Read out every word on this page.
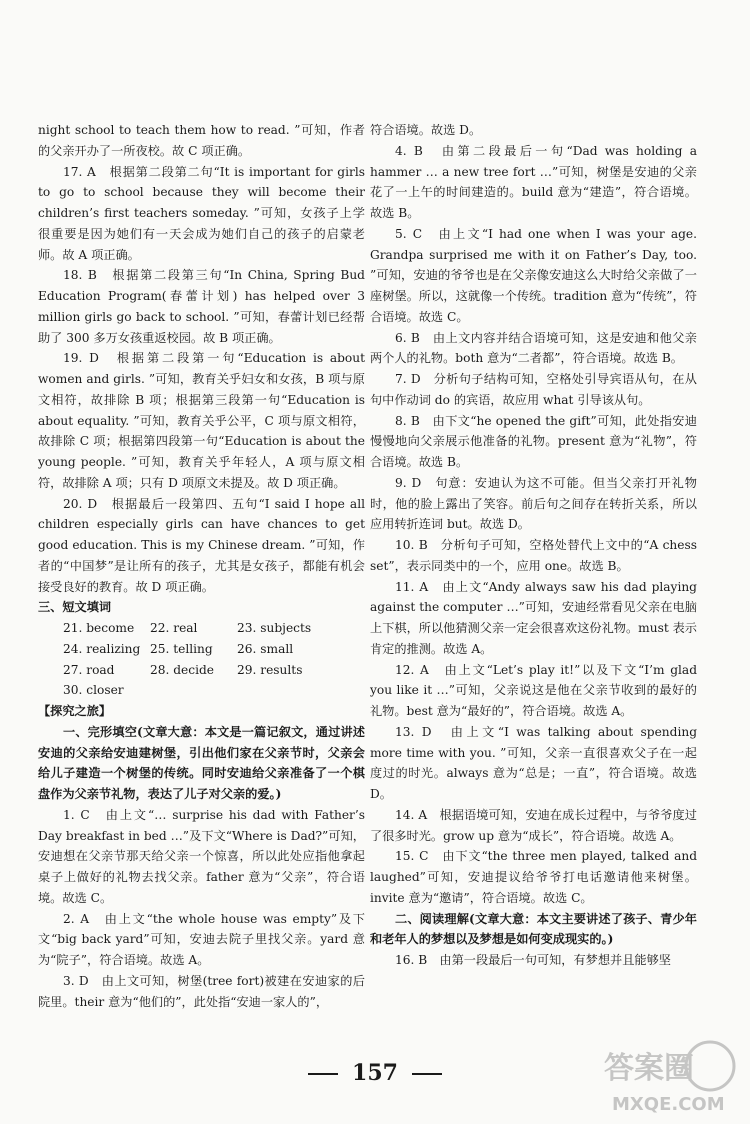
night school to teach them how to read. ”可知，作者的父亲开办了一所夜校。故 C 项正确。

17. A　根据第二段第二句“It is important for girls to go to school because they will become their children’s first teachers someday. ”可知，女孩子上学很重要是因为她们有一天会成为她们自己的孩子的启蒙老师。故 A 项正确。

18. B　根据第二段第三句“In China, Spring Bud Education Program(春蕾计划) has helped over 3 million girls go back to school. ”可知，春蕾计划已经帮助了 300 多万女孩重返校园。故 B 项正确。

19. D　根据第二段第一句“Education is about women and girls. ”可知，教育关乎妇女和女孩，B 项与原文相符，故排除 B 项；根据第三段第一句“Education is about equality. ”可知，教育关乎公平，C 项与原文相符，故排除 C 项；根据第四段第一句“Education is about the young people. ”可知，教育关乎年轻人，A 项与原文相符，故排除 A 项；只有 D 项原文未提及。故 D 项正确。

20. D　根据最后一段第四、五句“I said I hope all children especially girls can have chances to get good education. This is my Chinese dream. ”可知，作者的“中国梦”是让所有的孩子，尤其是女孩子，都能有机会接受良好的教育。故 D 项正确。

三、短文填词

21. become	22. real	23. subjects
24. realizing 25. telling	26. small
27. road	28. decide	29. results
30. closer

【探究之旅】

一、完形填空(文章大意：本文是一篇记叙文，通过讲述安迪的父亲给安迪建树堡，引出他们家在父亲节时，父亲会给儿子建造一个树堡的传统。同时安迪给父亲准备了一个棋盘作为父亲节礼物，表达了儿子对父亲的爱。)

1. C　由上文“… surprise his dad with Father’s Day breakfast in bed …”及下文“Where is Dad?”可知，安迪想在父亲节那天给父亲一个惊喜，所以此处应指他拿起桌子上做好的礼物去找父亲。father 意为“父亲”，符合语境。故选 C。

2. A　由上文“the whole house was empty”及下文“big back yard”可知，安迪去院子里找父亲。yard 意为“院子”，符合语境。故选 A。

3. D　由上文可知，树堡(tree fort)被建在安迪家的后院里。their 意为“他们的”，此处指“安迪一家人的”，

符合语境。故选 D。

4. B　由第二段最后一句“Dad was holding a hammer … a new tree fort …”可知，树堡是安迪的父亲花了一上午的时间建造的。build 意为“建造”，符合语境。故选 B。

5. C　由上文“I had one when I was your age. Grandpa surprised me with it on Father’s Day, too. ”可知，安迪的爷爷也是在父亲像安迪这么大时给父亲做了一座树堡。所以，这就像一个传统。tradition 意为“传统”，符合语境。故选 C。

6. B　由上文内容并结合语境可知，这是安迪和他父亲两个人的礼物。both 意为“二者都”，符合语境。故选 B。

7. D　分析句子结构可知，空格处引导宾语从句，在从句中作动词 do 的宾语，故应用 what 引导该从句。

8. B　由下文“he opened the gift”可知，此处指安迪慢慢地向父亲展示他准备的礼物。present 意为“礼物”，符合语境。故选 B。

9. D　句意：安迪认为这不可能。但当父亲打开礼物时，他的脸上露出了笑容。前后句之间存在转折关系，所以应用转折连词 but。故选 D。

10. B　分析句子可知，空格处替代上文中的“A chess set”，表示同类中的一个，应用 one。故选 B。

11. A　由上文“Andy always saw his dad playing against the computer …”可知，安迪经常看见父亲在电脑上下棋，所以他猜测父亲一定会很喜欢这份礼物。must 表示肯定的推测。故选 A。

12. A　由上文“Let’s play it!”以及下文“I’m glad you like it …”可知，父亲说这是他在父亲节收到的最好的礼物。best 意为“最好的”，符合语境。故选 A。

13. D　由上文“I was talking about spending more time with you. ”可知，父亲一直很喜欢父子在一起度过的时光。always 意为“总是；一直”，符合语境。故选 D。

14. A　根据语境可知，安迪在成长过程中，与爷爷度过了很多时光。grow up 意为“成长”，符合语境。故选 A。

15. C　由下文“the three men played, talked and laughed”可知，安迪提议给爷爷打电话邀请他来树堡。invite 意为“邀请”，符合语境。故选 C。

二、阅读理解(文章大意：本文主要讲述了孩子、青少年和老年人的梦想以及梦想是如何变成现实的。)

16. B　由第一段最后一句可知，有梦想并且能够坚

157	答案圈
MXQE.COM
